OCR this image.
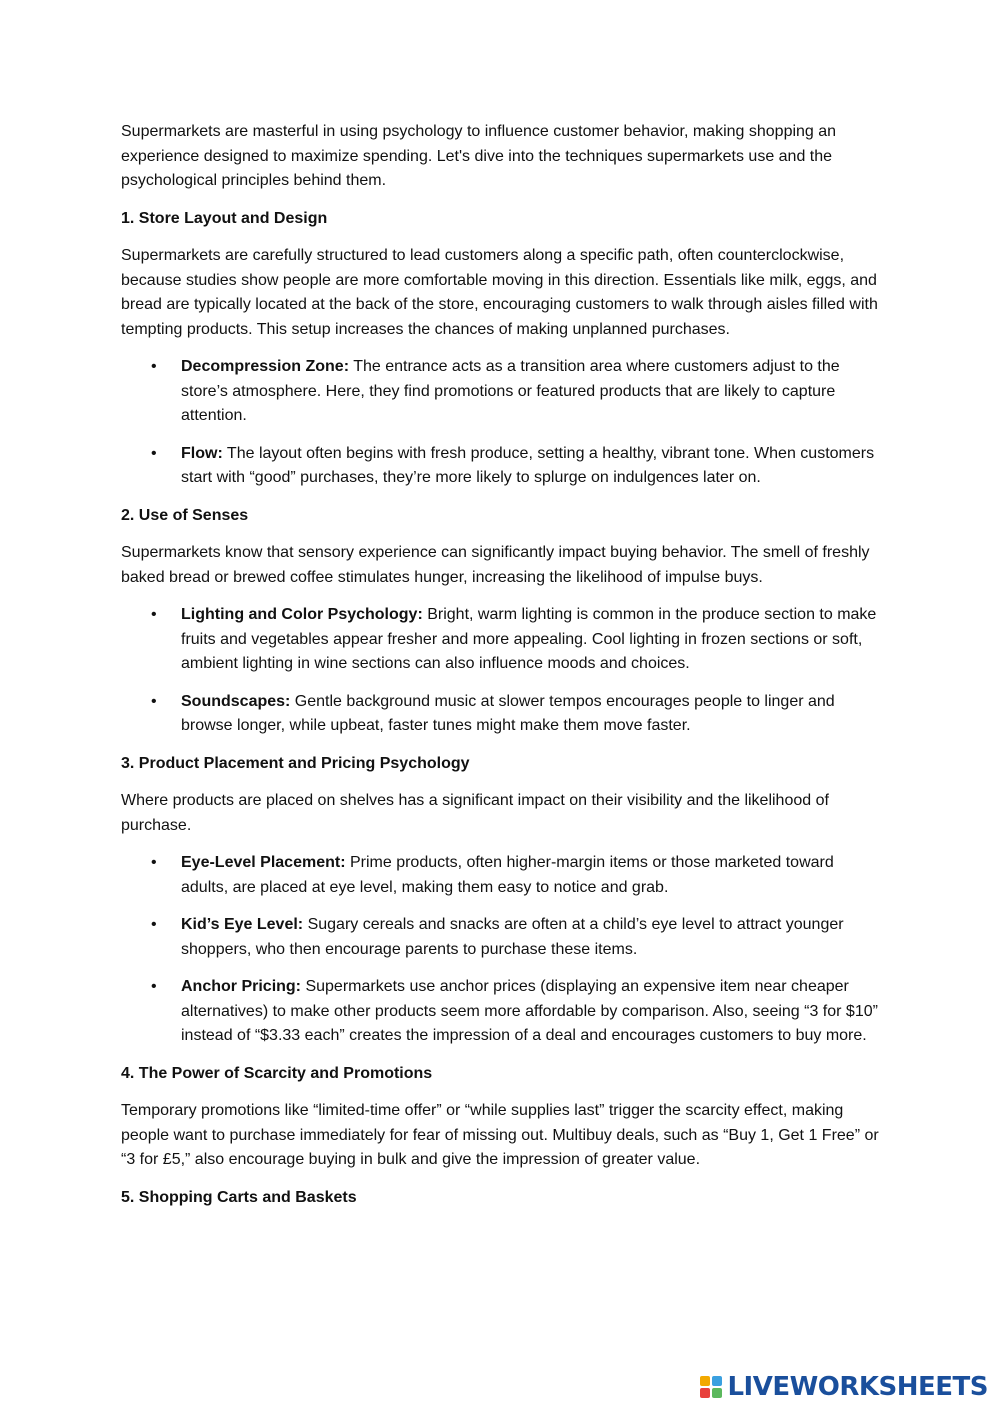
Supermarkets are masterful in using psychology to influence customer behavior, making shopping an experience designed to maximize spending. Let's dive into the techniques supermarkets use and the psychological principles behind them.

1. Store Layout and Design

Supermarkets are carefully structured to lead customers along a specific path, often counterclockwise, because studies show people are more comfortable moving in this direction. Essentials like milk, eggs, and bread are typically located at the back of the store, encouraging customers to walk through aisles filled with tempting products. This setup increases the chances of making unplanned purchases.

• Decompression Zone: The entrance acts as a transition area where customers adjust to the store’s atmosphere. Here, they find promotions or featured products that are likely to capture attention.
• Flow: The layout often begins with fresh produce, setting a healthy, vibrant tone. When customers start with “good” purchases, they’re more likely to splurge on indulgences later on.

2. Use of Senses

Supermarkets know that sensory experience can significantly impact buying behavior. The smell of freshly baked bread or brewed coffee stimulates hunger, increasing the likelihood of impulse buys.

• Lighting and Color Psychology: Bright, warm lighting is common in the produce section to make fruits and vegetables appear fresher and more appealing. Cool lighting in frozen sections or soft, ambient lighting in wine sections can also influence moods and choices.
• Soundscapes: Gentle background music at slower tempos encourages people to linger and browse longer, while upbeat, faster tunes might make them move faster.

3. Product Placement and Pricing Psychology

Where products are placed on shelves has a significant impact on their visibility and the likelihood of purchase.

• Eye-Level Placement: Prime products, often higher-margin items or those marketed toward adults, are placed at eye level, making them easy to notice and grab.
• Kid’s Eye Level: Sugary cereals and snacks are often at a child’s eye level to attract younger shoppers, who then encourage parents to purchase these items.
• Anchor Pricing: Supermarkets use anchor prices (displaying an expensive item near cheaper alternatives) to make other products seem more affordable by comparison. Also, seeing “3 for $10” instead of “$3.33 each” creates the impression of a deal and encourages customers to buy more.

4. The Power of Scarcity and Promotions

Temporary promotions like “limited-time offer” or “while supplies last” trigger the scarcity effect, making people want to purchase immediately for fear of missing out. Multibuy deals, such as “Buy 1, Get 1 Free” or “3 for £5,” also encourage buying in bulk and give the impression of greater value.

5. Shopping Carts and Baskets

LIVEWORKSHEETS
